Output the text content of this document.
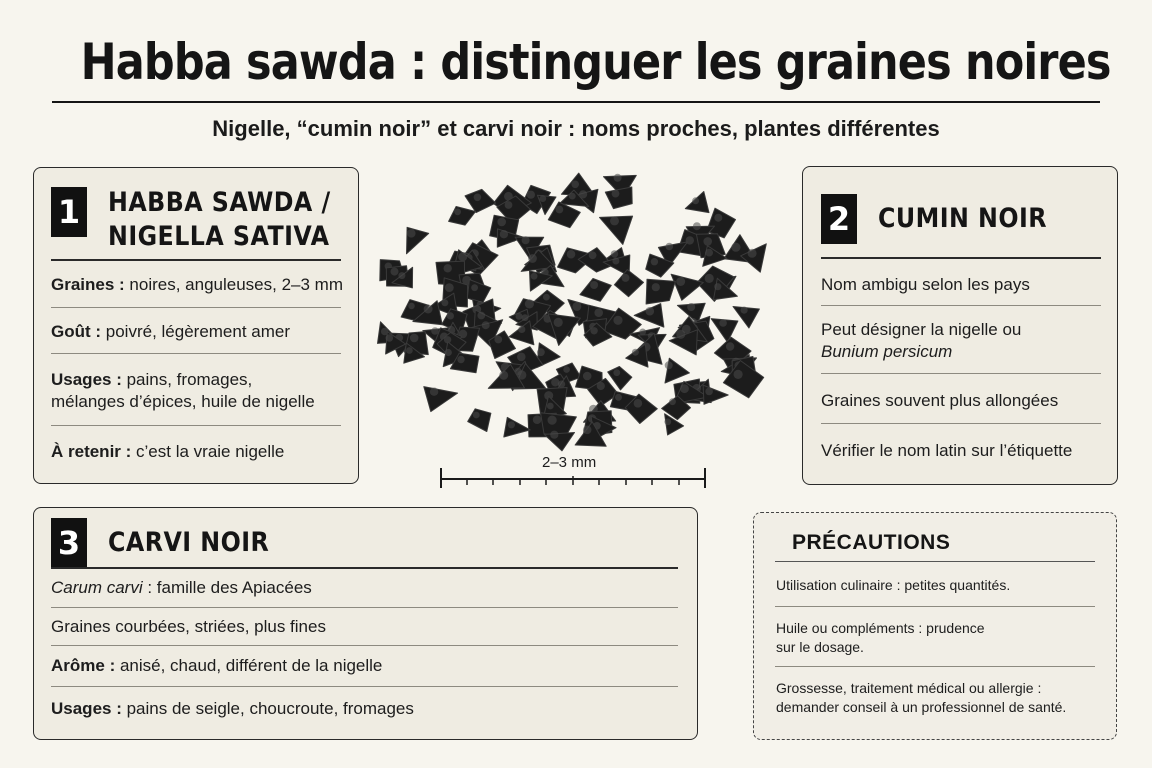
Habba sawda : distinguer les graines noires
Nigelle, “cumin noir” et carvi noir : noms proches, plantes différentes
1 HABBA SAWDA /
NIGELLA SATIVA
Graines : noires, anguleuses, 2–3 mm
Goût : poivré, légèrement amer
Usages : pains, fromages,
mélanges d’épices, huile de nigelle
À retenir : c’est la vraie nigelle
2–3 mm
2 CUMIN NOIR
Nom ambigu selon les pays
Peut désigner la nigelle ou
Bunium persicum
Graines souvent plus allongées
Vérifier le nom latin sur l’étiquette
3 CARVI NOIR
Carum carvi : famille des Apiacées
Graines courbées, striées, plus fines
Arôme : anisé, chaud, différent de la nigelle
Usages : pains de seigle, choucroute, fromages
PRÉCAUTIONS
Utilisation culinaire : petites quantités.
Huile ou compléments : prudence
sur le dosage.
Grossesse, traitement médical ou allergie :
demander conseil à un professionnel de santé.
